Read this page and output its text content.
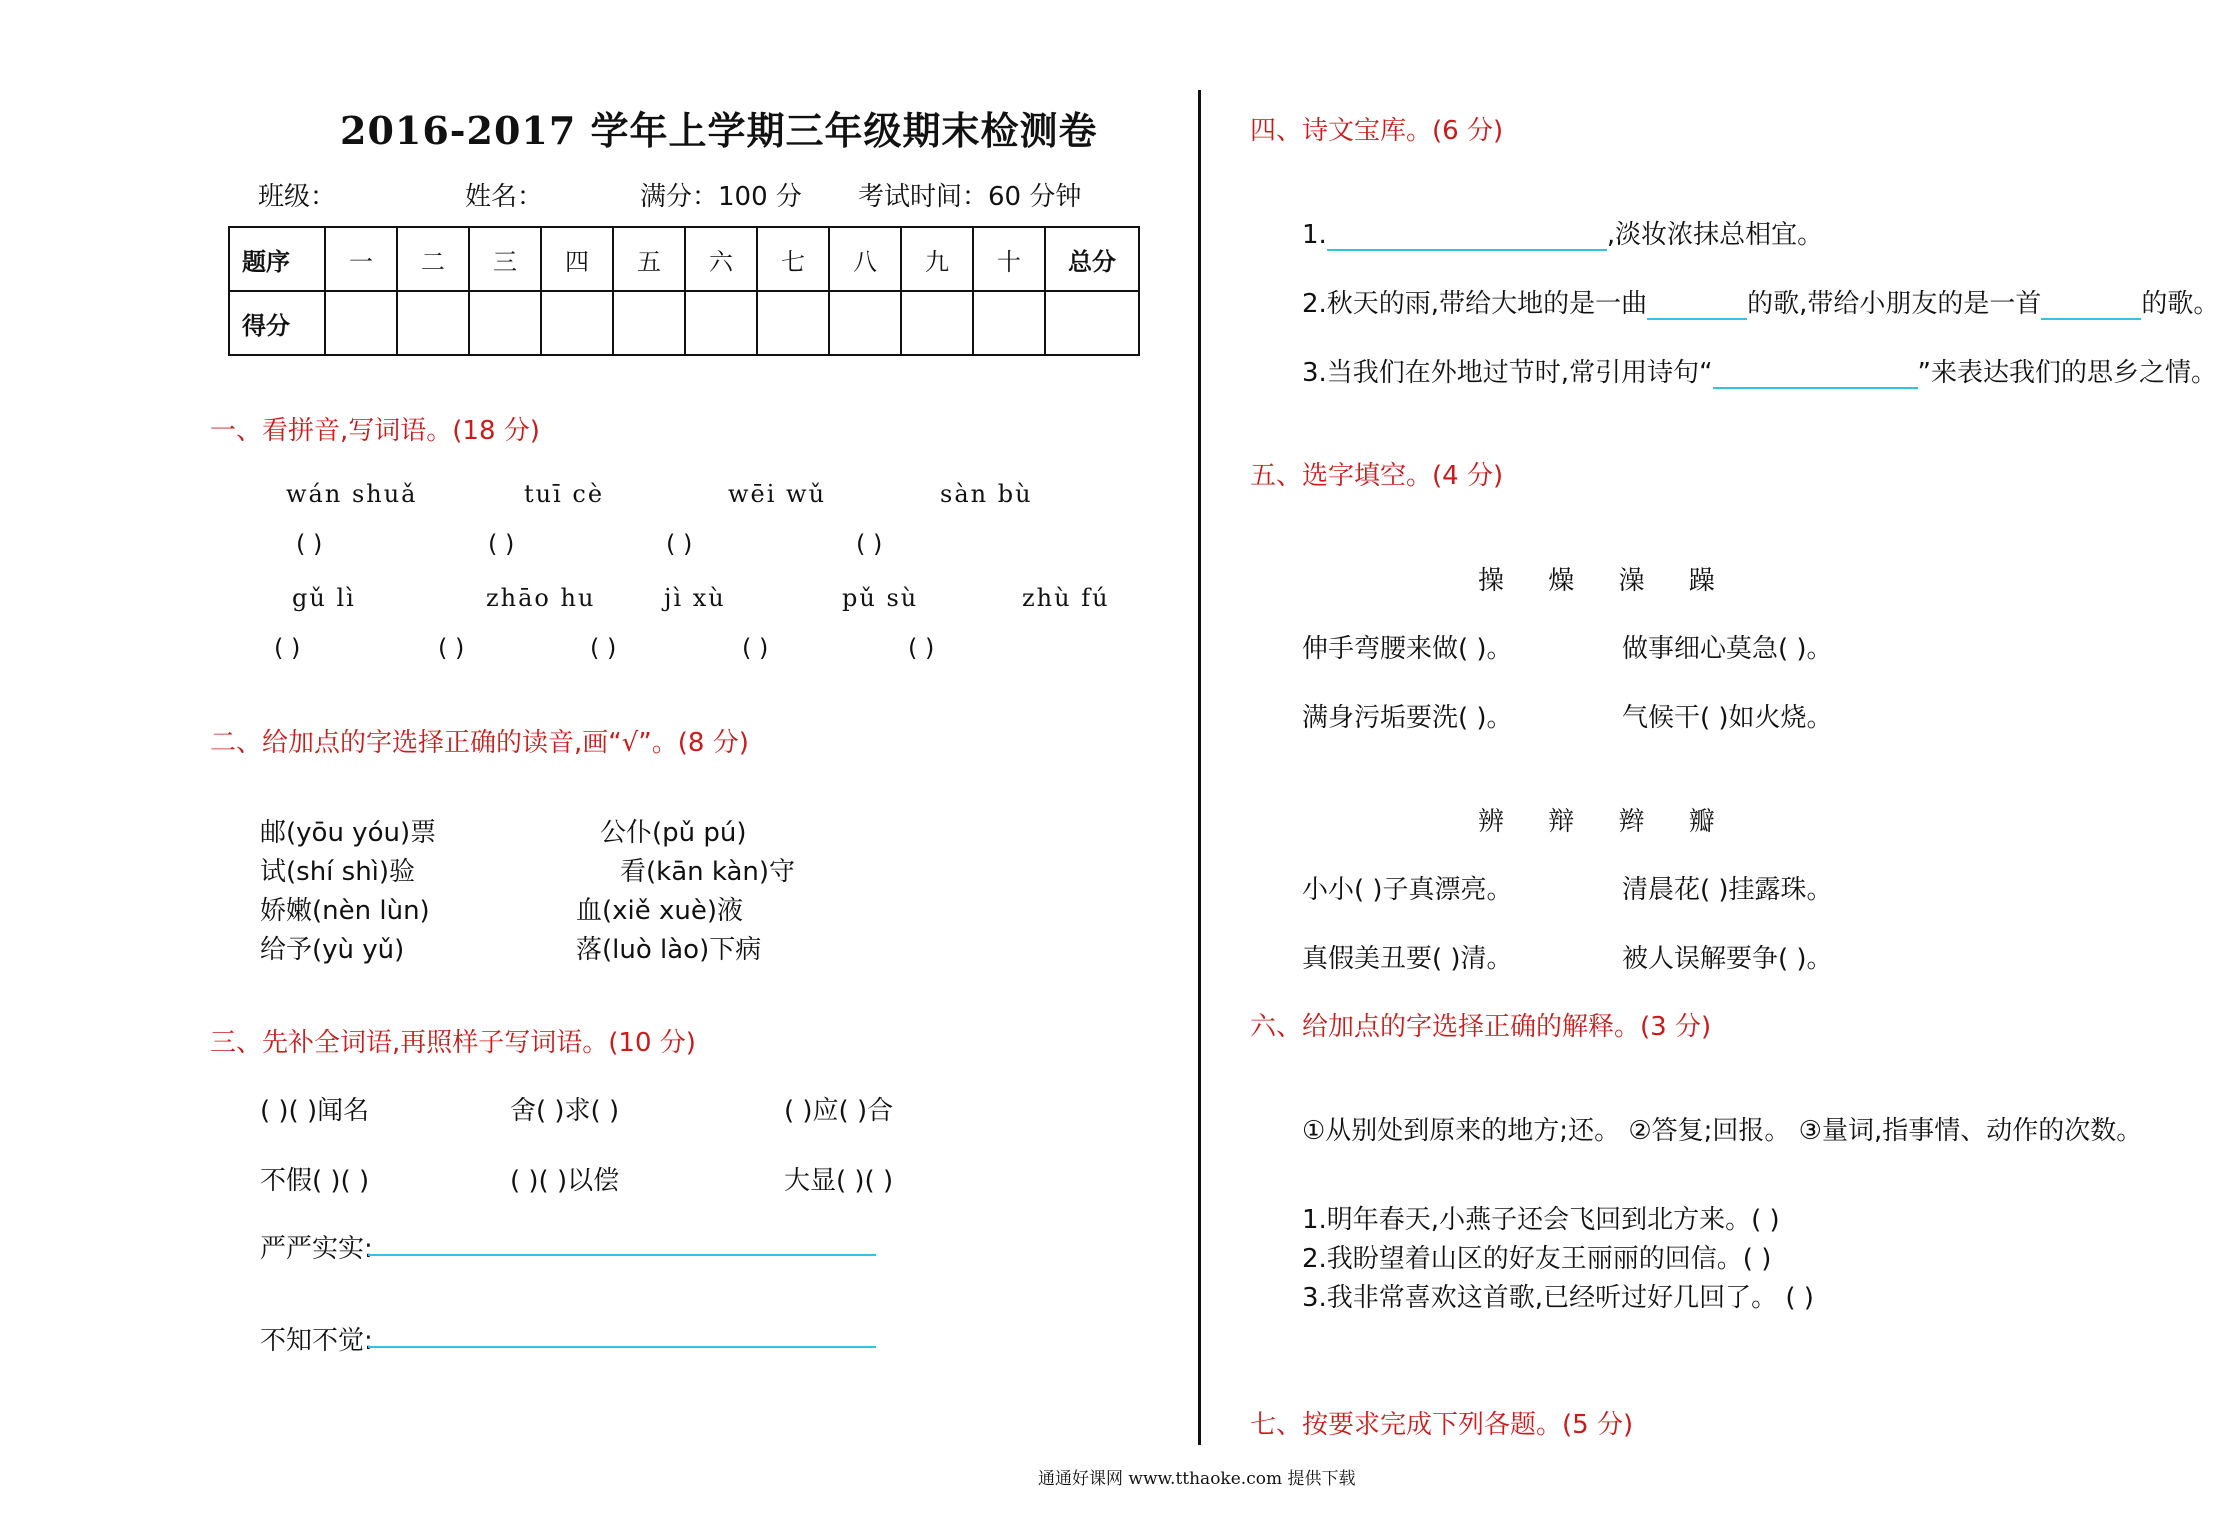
2016-2017 学年上学期三年级期末检测卷
班级：	姓名：	满分：100 分 考试时间：60 分钟
题序	一	二	三	四	五	六	七	八	九	十	总分
得分											
一、看拼音,写词语。(18 分)
wán shuǎ	tuī cè	wēi wǔ	sàn bù
( )	( )	( )	( )
gǔ lì	zhāo hu	jì xù	pǔ sù	zhù fú
( )	( )	( )	( )	( )
二、给加点的字选择正确的读音,画“√”。(8 分)
邮(yōu yóu)票	公仆(pǔ pú)
试(shí shì)验	看(kān kàn)守
娇嫩(nèn lùn)	血(xiě xuè)液
给予(yù yǔ)	落(luò lào)下病
三、先补全词语,再照样子写词语。(10 分)
( )( )闻名	舍( )求( )	( )应( )合
不假( )( )	( )( )以偿	大显( )( )
严严实实:
不知不觉:
四、诗文宝库。(6 分)
1.	,淡妆浓抹总相宜。
2.秋天的雨,带给大地的是一曲	的歌,带给小朋友的是一首	的歌。
3.当我们在外地过节时,常引用诗句“	”来表达我们的思乡之情。
五、选字填空。(4 分)
操 燥 澡 躁
伸手弯腰来做( )。	做事细心莫急( )。
满身污垢要洗( )。	气候干( )如火烧。
辨 辩 辫 瓣
小小( )子真漂亮。	清晨花( )挂露珠。
真假美丑要( )清。	被人误解要争( )。
六、给加点的字选择正确的解释。(3 分)
①从别处到原来的地方;还。 ②答复;回报。 ③量词,指事情、动作的次数。
1.明年春天,小燕子还会飞回到北方来。( )
2.我盼望着山区的好友王丽丽的回信。( )
3.我非常喜欢这首歌,已经听过好几回了。 ( )
七、按要求完成下列各题。(5 分)
通通好课网 www.tthaoke.com 提供下载
